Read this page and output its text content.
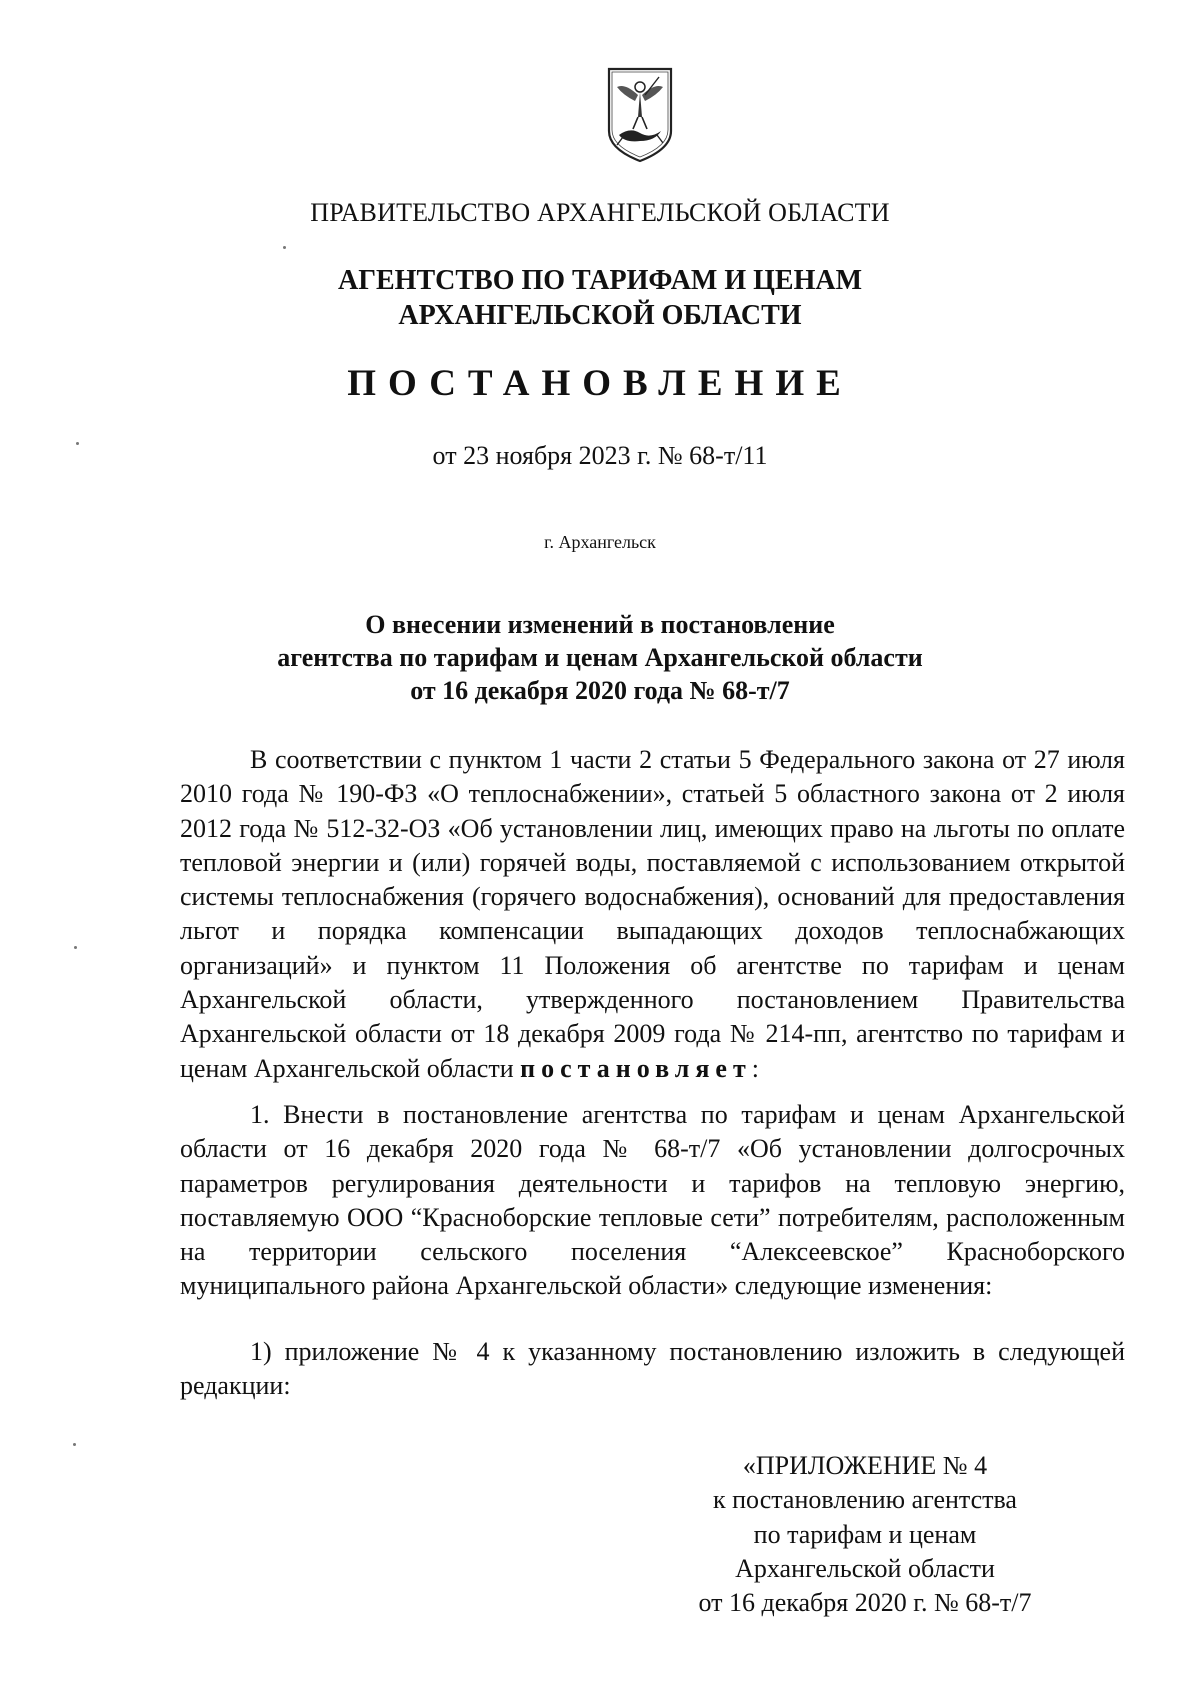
ПРАВИТЕЛЬСТВО АРХАНГЕЛЬСКОЙ ОБЛАСТИ
АГЕНТСТВО ПО ТАРИФАМ И ЦЕНАМ
АРХАНГЕЛЬСКОЙ ОБЛАСТИ
ПОСТАНОВЛЕНИЕ
от 23 ноября 2023 г. № 68-т/11
г. Архангельск
О внесении изменений в постановление
агентства по тарифам и ценам Архангельской области
от 16 декабря 2020 года № 68-т/7

В соответствии с пунктом 1 части 2 статьи 5 Федерального закона от 27 июля 2010 года № 190-ФЗ «О теплоснабжении», статьей 5 областного закона от 2 июля 2012 года № 512-32-ОЗ «Об установлении лиц, имеющих право на льготы по оплате тепловой энергии и (или) горячей воды, поставляемой с использованием открытой системы теплоснабжения (горячего водоснабжения), оснований для предоставления льгот и порядка компенсации выпадающих доходов теплоснабжающих организаций» и пунктом 11 Положения об агентстве по тарифам и ценам Архангельской области, утвержденного постановлением Правительства Архангельской области от 18 декабря 2009 года № 214-пп, агентство по тарифам и ценам Архангельской области постановляет:

1. Внести в постановление агентства по тарифам и ценам Архангельской области от 16 декабря 2020 года № 68-т/7 «Об установлении долгосрочных параметров регулирования деятельности и тарифов на тепловую энергию, поставляемую ООО “Красноборские тепловые сети” потребителям, расположенным на территории сельского поселения “Алексеевское” Красноборского муниципального района Архангельской области» следующие изменения:

1) приложение № 4 к указанному постановлению изложить в следующей редакции:

«ПРИЛОЖЕНИЕ № 4
к постановлению агентства
по тарифам и ценам
Архангельской области
от 16 декабря 2020 г. № 68-т/7
